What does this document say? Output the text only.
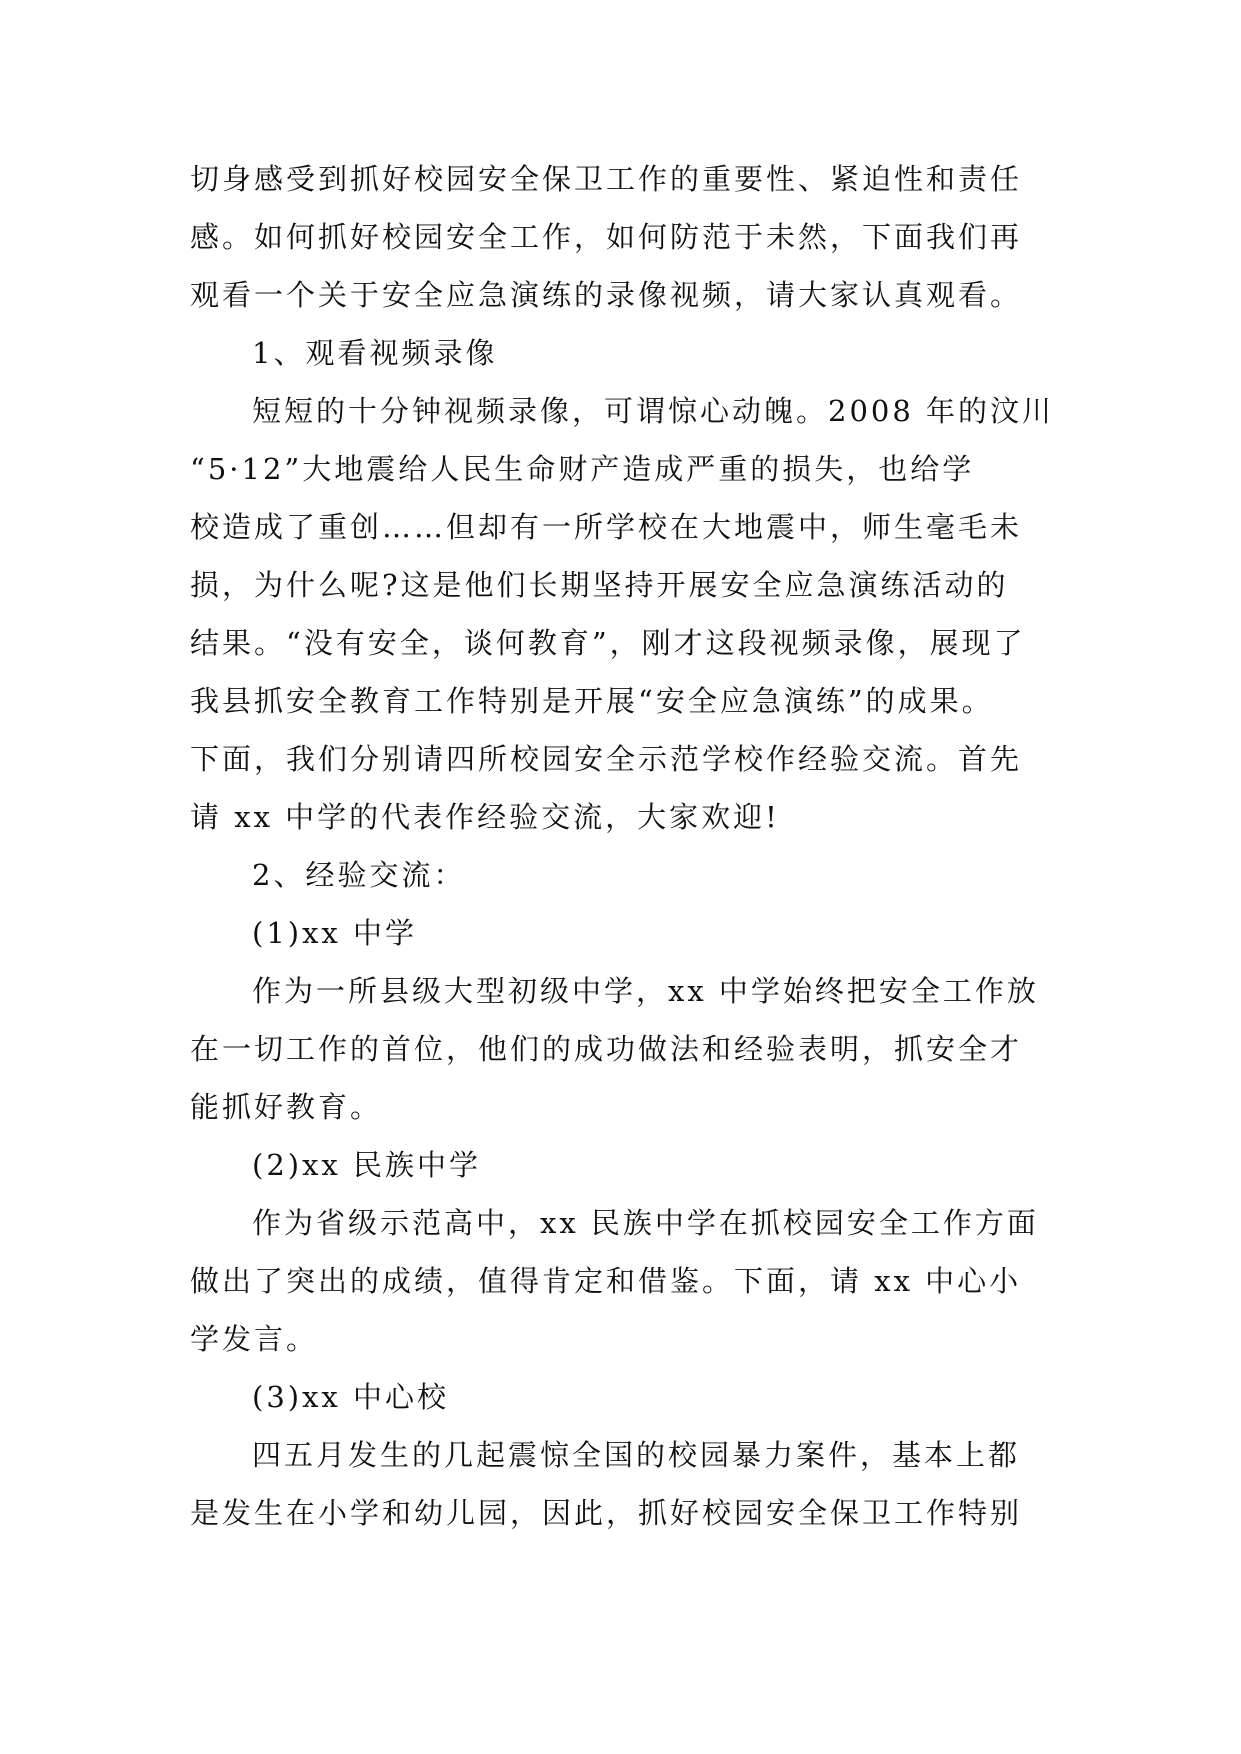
切身感受到抓好校园安全保卫工作的重要性、紧迫性和责任
感。如何抓好校园安全工作，如何防范于未然，下面我们再
观看一个关于安全应急演练的录像视频，请大家认真观看。
1、观看视频录像
短短的十分钟视频录像，可谓惊心动魄。2008 年的汶川
“5·12”大地震给人民生命财产造成严重的损失，也给学
校造成了重创……但却有一所学校在大地震中，师生毫毛未
损，为什么呢?这是他们长期坚持开展安全应急演练活动的
结果。“没有安全，谈何教育”，刚才这段视频录像，展现了
我县抓安全教育工作特别是开展“安全应急演练”的成果。
下面，我们分别请四所校园安全示范学校作经验交流。首先
请 xx 中学的代表作经验交流，大家欢迎!
2、经验交流：
(1)xx 中学
作为一所县级大型初级中学，xx 中学始终把安全工作放
在一切工作的首位，他们的成功做法和经验表明，抓安全才
能抓好教育。
(2)xx 民族中学
作为省级示范高中，xx 民族中学在抓校园安全工作方面
做出了突出的成绩，值得肯定和借鉴。下面，请 xx 中心小
学发言。
(3)xx 中心校
四五月发生的几起震惊全国的校园暴力案件，基本上都
是发生在小学和幼儿园，因此，抓好校园安全保卫工作特别
